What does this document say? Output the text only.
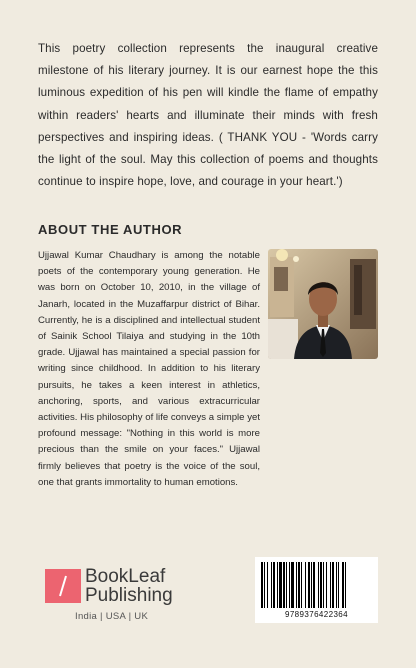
This poetry collection represents the inaugural creative milestone of his literary journey. It is our earnest hope the this luminous expedition of his pen will kindle the flame of empathy within readers' hearts and illuminate their minds with fresh perspectives and inspiring ideas. ( THANK YOU - 'Words carry the light of the soul. May this collection of poems and thoughts continue to inspire hope, love, and courage in your heart.')
ABOUT THE AUTHOR
Ujjawal Kumar Chaudhary is among the notable poets of the contemporary young generation. He was born on October 10, 2010, in the village of Janarh, located in the Muzaffarpur district of Bihar. Currently, he is a disciplined and intellectual student of Sainik School Tilaiya and studying in the 10th grade. Ujjawal has maintained a special passion for writing since childhood. In addition to his literary pursuits, he takes a keen interest in athletics, anchoring, sports, and various extracurricular activities. His philosophy of life conveys a simple yet profound message: "Nothing in this world is more precious than the smile on your faces." Ujjawal firmly believes that poetry is the voice of the soul, one that grants immortality to human emotions.
BookLeaf
Publishing
India | USA | UK	9789376422364
